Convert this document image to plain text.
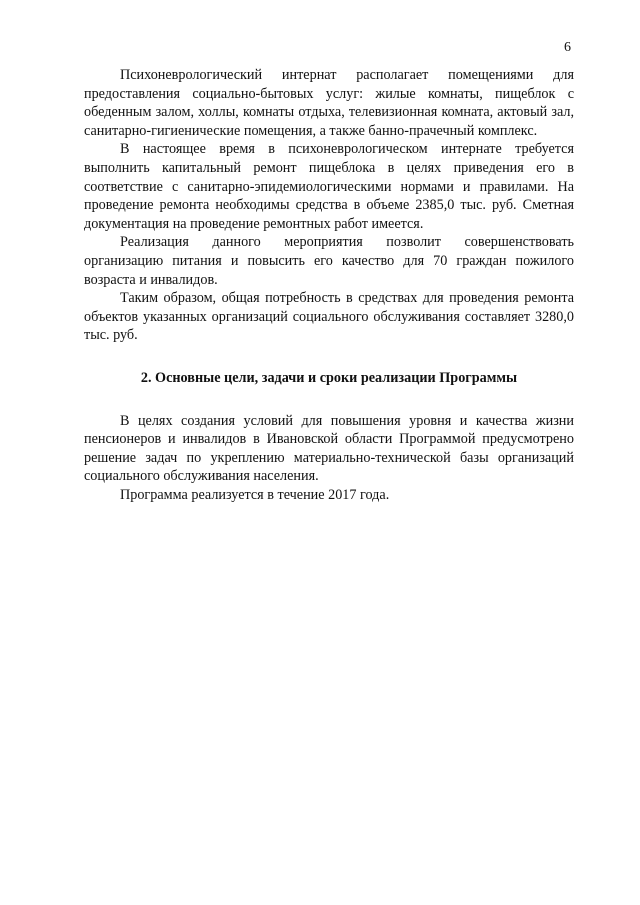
6

Психоневрологический интернат располагает помещениями для предоставления социально-бытовых услуг: жилые комнаты, пищеблок с обеденным залом, холлы, комнаты отдыха, телевизионная комната, актовый зал, санитарно-гигиенические помещения, а также банно-прачечный комплекс.

В настоящее время в психоневрологическом интернате требуется выполнить капитальный ремонт пищеблока в целях приведения его в соответствие с санитарно-эпидемиологическими нормами и правилами. На проведение ремонта необходимы средства в объеме 2385,0 тыс. руб. Сметная документация на проведение ремонтных работ имеется.

Реализация данного мероприятия позволит совершенствовать организацию питания и повысить его качество для 70 граждан пожилого возраста и инвалидов.

Таким образом, общая потребность в средствах для проведения ремонта объектов указанных организаций социального обслуживания составляет 3280,0 тыс. руб.

2. Основные цели, задачи и сроки реализации Программы

В целях создания условий для повышения уровня и качества жизни пенсионеров и инвалидов в Ивановской области Программой предусмотрено решение задач по укреплению материально-технической базы организаций социального обслуживания населения.

Программа реализуется в течение 2017 года.
